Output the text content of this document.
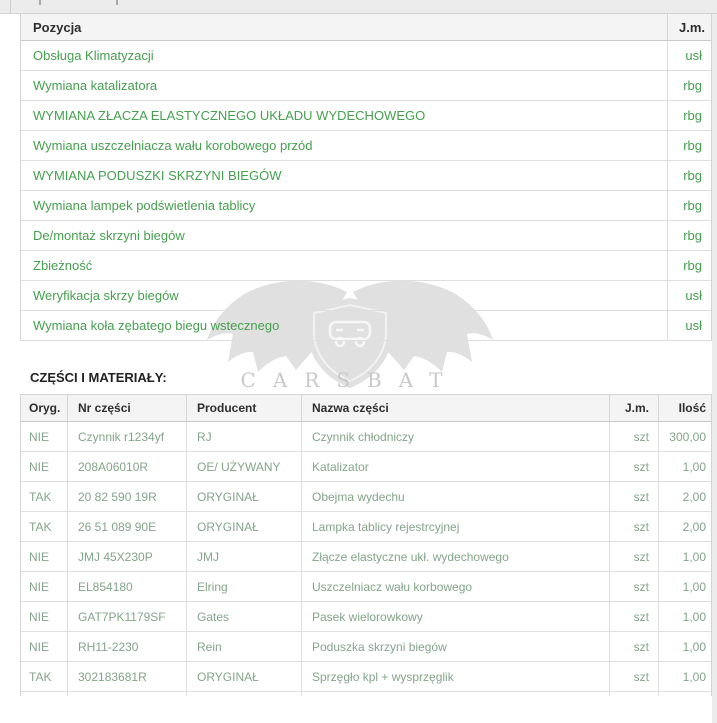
CARSBAT
Pozycja	J.m.
Obsługa Klimatyzacji	usł
Wymiana katalizatora	rbg
WYMIANA ZŁACZA ELASTYCZNEGO UKŁADU WYDECHOWEGO	rbg
Wymiana uszczelniacza wału korobowego przód	rbg
WYMIANA PODUSZKI SKRZYNI BIEGÓW	rbg
Wymiana lampek podświetlenia tablicy	rbg
De/montaż skrzyni biegów	rbg
Zbieżność	rbg
Weryfikacja skrzy biegów	usł
Wymiana koła zębatego biegu wstecznego	usł
CZĘŚCI I MATERIAŁY:
Oryg.	Nr części	Producent	Nazwa części	J.m.	Ilość
NIE	Czynnik r1234yf	RJ	Czynnik chłodniczy	szt	300,00
NIE	208A06010R	OE/ UŻYWANY	Katalizator	szt	1,00
TAK	20 82 590 19R	ORYGINAŁ	Obejma wydechu	szt	2,00
TAK	26 51 089 90E	ORYGINAŁ	Lampka tablicy rejestrcyjnej	szt	2,00
NIE	JMJ 45X230P	JMJ	Złącze elastyczne ukł. wydechowego	szt	1,00
NIE	EL854180	Elring	Uszczelniacz wału korbowego	szt	1,00
NIE	GAT7PK1179SF	Gates	Pasek wielorowkowy	szt	1,00
NIE	RH11-2230	Rein	Poduszka skrzyni biegów	szt	1,00
TAK	302183681R	ORYGINAŁ	Sprzęgło kpl + wysprzęglik	szt	1,00
